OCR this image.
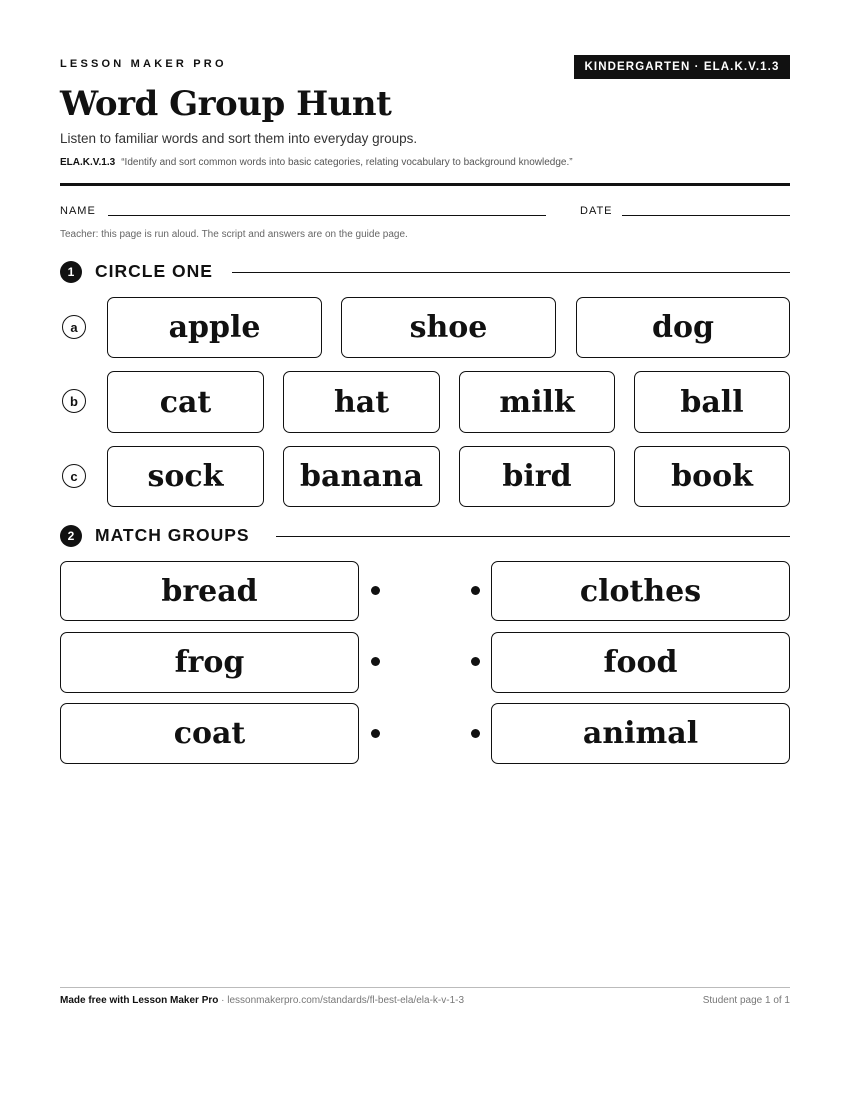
LESSON MAKER PRO	KINDERGARTEN · ELA.K.V.1.3
Word Group Hunt
Listen to familiar words and sort them into everyday groups.
ELA.K.V.1.3 “Identify and sort common words into basic categories, relating vocabulary to background knowledge.”
NAME	DATE
Teacher: this page is run aloud. The script and answers are on the guide page.
1	CIRCLE ONE
a	apple	shoe	dog
b	cat	hat	milk	ball
c	sock	banana	bird	book
2	MATCH GROUPS
bread	clothes
frog	food
coat	animal
Made free with Lesson Maker Pro · lessonmakerpro.com/standards/fl-best-ela/ela-k-v-1-3	Student page 1 of 1
